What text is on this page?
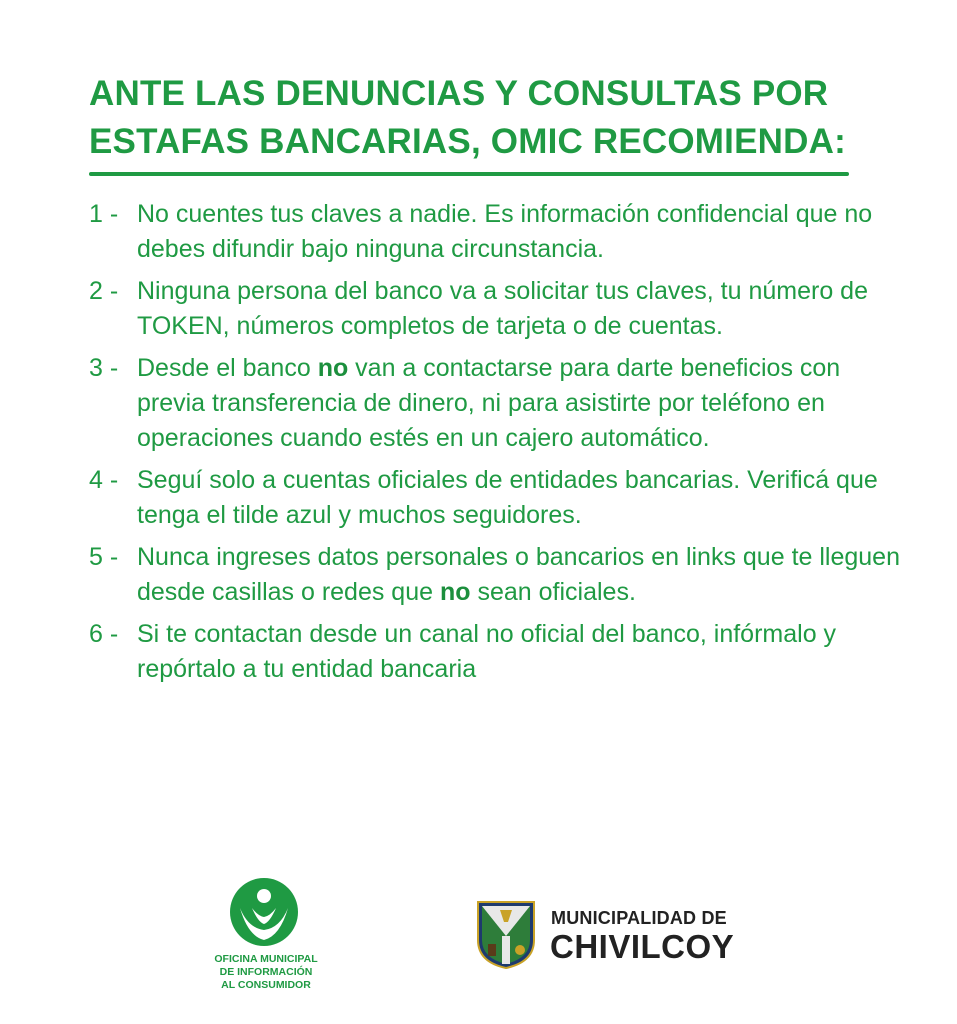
ANTE LAS DENUNCIAS Y CONSULTAS POR
ESTAFAS BANCARIAS, OMIC RECOMIENDA:
1 - No cuentes tus claves a nadie. Es información confidencial que no debes difundir bajo ninguna circunstancia.
2 - Ninguna persona del banco va a solicitar tus claves, tu número de TOKEN, números completos de tarjeta o de cuentas.
3 - Desde el banco no van a contactarse para darte beneficios con previa transferencia de dinero, ni para asistirte por teléfono en operaciones cuando estés en un cajero automático.
4 - Seguí solo a cuentas oficiales de entidades bancarias. Verificá que tenga el tilde azul y muchos seguidores.
5 - Nunca ingreses datos personales o bancarios en links que te lleguen desde casillas o redes que no sean oficiales.
6 - Si te contactan desde un canal no oficial del banco, infórmalo y repórtalo a tu entidad bancaria
OFICINA MUNICIPAL
DE INFORMACIÓN
AL CONSUMIDOR
MUNICIPALIDAD DE
CHIVILCOY
